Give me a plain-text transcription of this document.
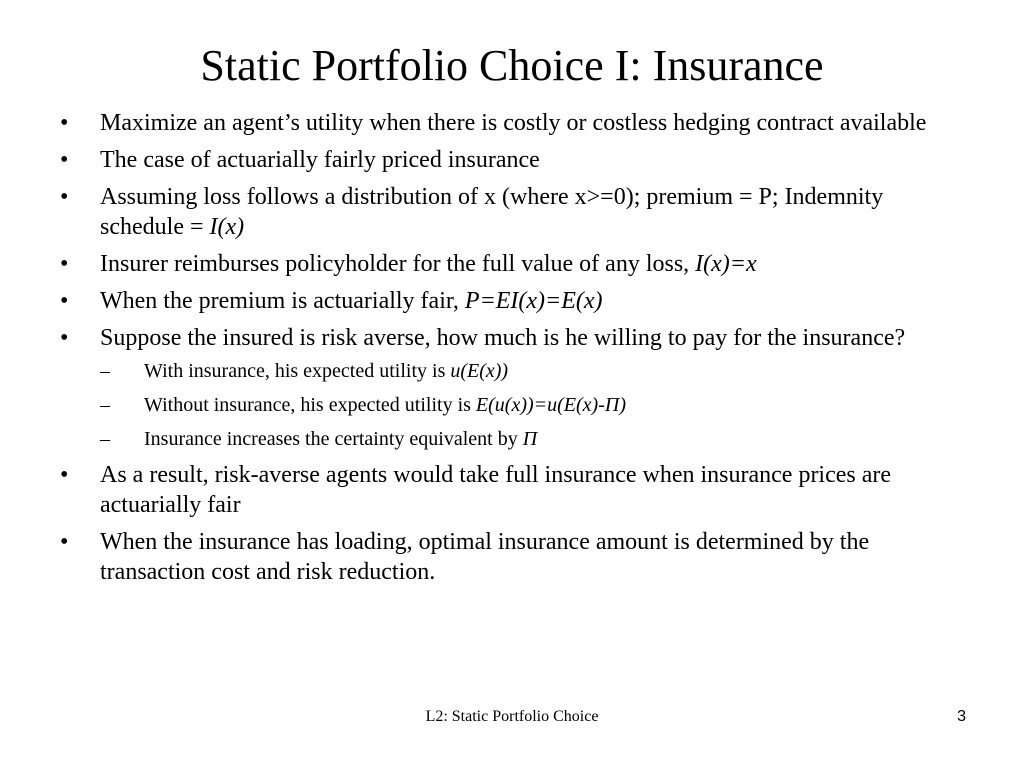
Static Portfolio Choice I: Insurance
•	Maximize an agent’s utility when there is costly or costless hedging contract available
•	The case of actuarially fairly priced insurance
•	Assuming loss follows a distribution of x (where x>=0); premium = P; Indemnity schedule = I(x)
•	Insurer reimburses policyholder for the full value of any loss, I(x)=x
•	When the premium is actuarially fair, P=EI(x)=E(x)
•	Suppose the insured is risk averse, how much is he willing to pay for the insurance?
–	With insurance, his expected utility is u(E(x))
–	Without insurance, his expected utility is E(u(x))=u(E(x)-Π)
–	Insurance increases the certainty equivalent by Π
•	As a result, risk-averse agents would take full insurance when insurance prices are actuarially fair
•	When the insurance has loading, optimal insurance amount is determined by the transaction cost and risk reduction.
L2: Static Portfolio Choice	3
